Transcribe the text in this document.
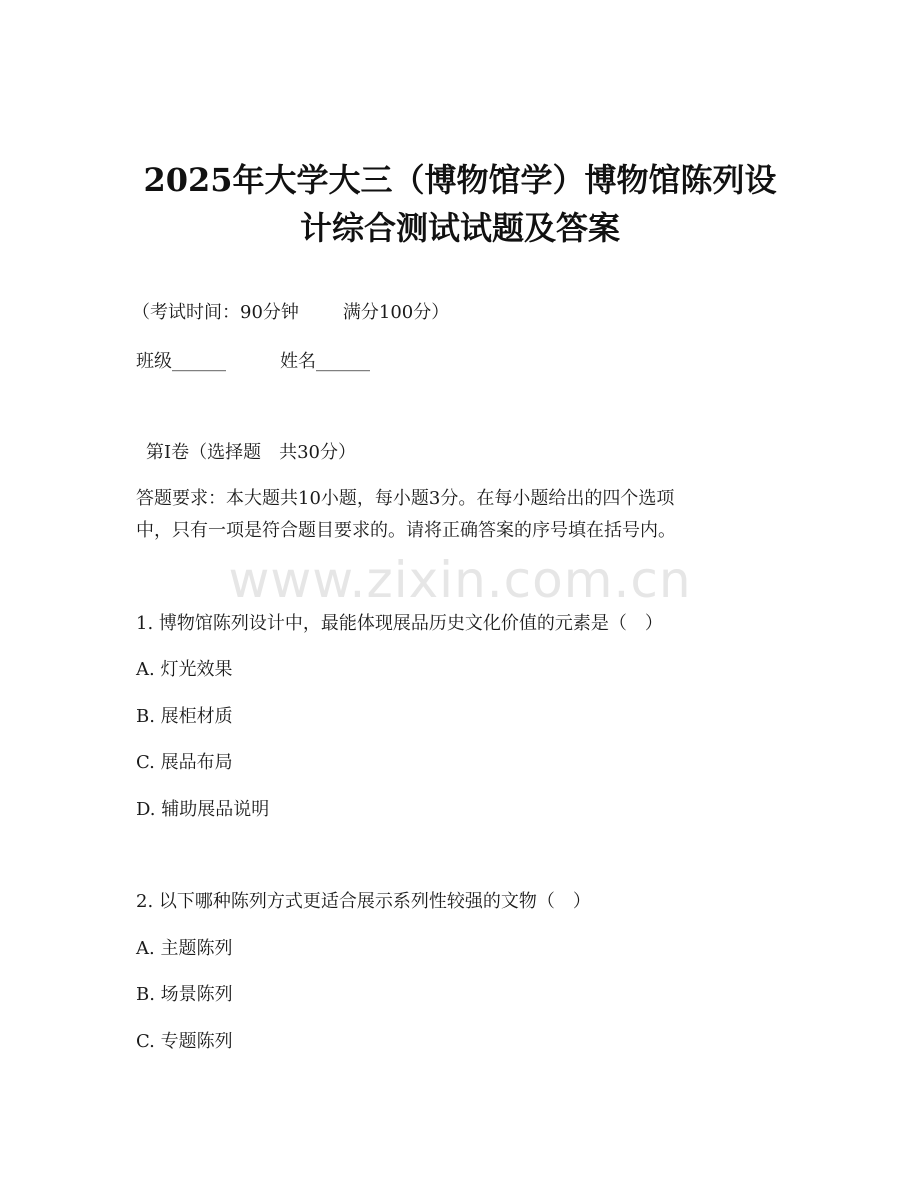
www.zixin.com.cn
2025年大学大三（博物馆学）博物馆陈列设
计综合测试试题及答案
（考试时间：90分钟 满分100分）
班级______	姓名______
第I卷（选择题　共30分）
答题要求：本大题共10小题，每小题3分。在每小题给出的四个选项
中，只有一项是符合题目要求的。请将正确答案的序号填在括号内。
1. 博物馆陈列设计中，最能体现展品历史文化价值的元素是（　）
A. 灯光效果
B. 展柜材质
C. 展品布局
D. 辅助展品说明
2. 以下哪种陈列方式更适合展示系列性较强的文物（　）
A. 主题陈列
B. 场景陈列
C. 专题陈列
